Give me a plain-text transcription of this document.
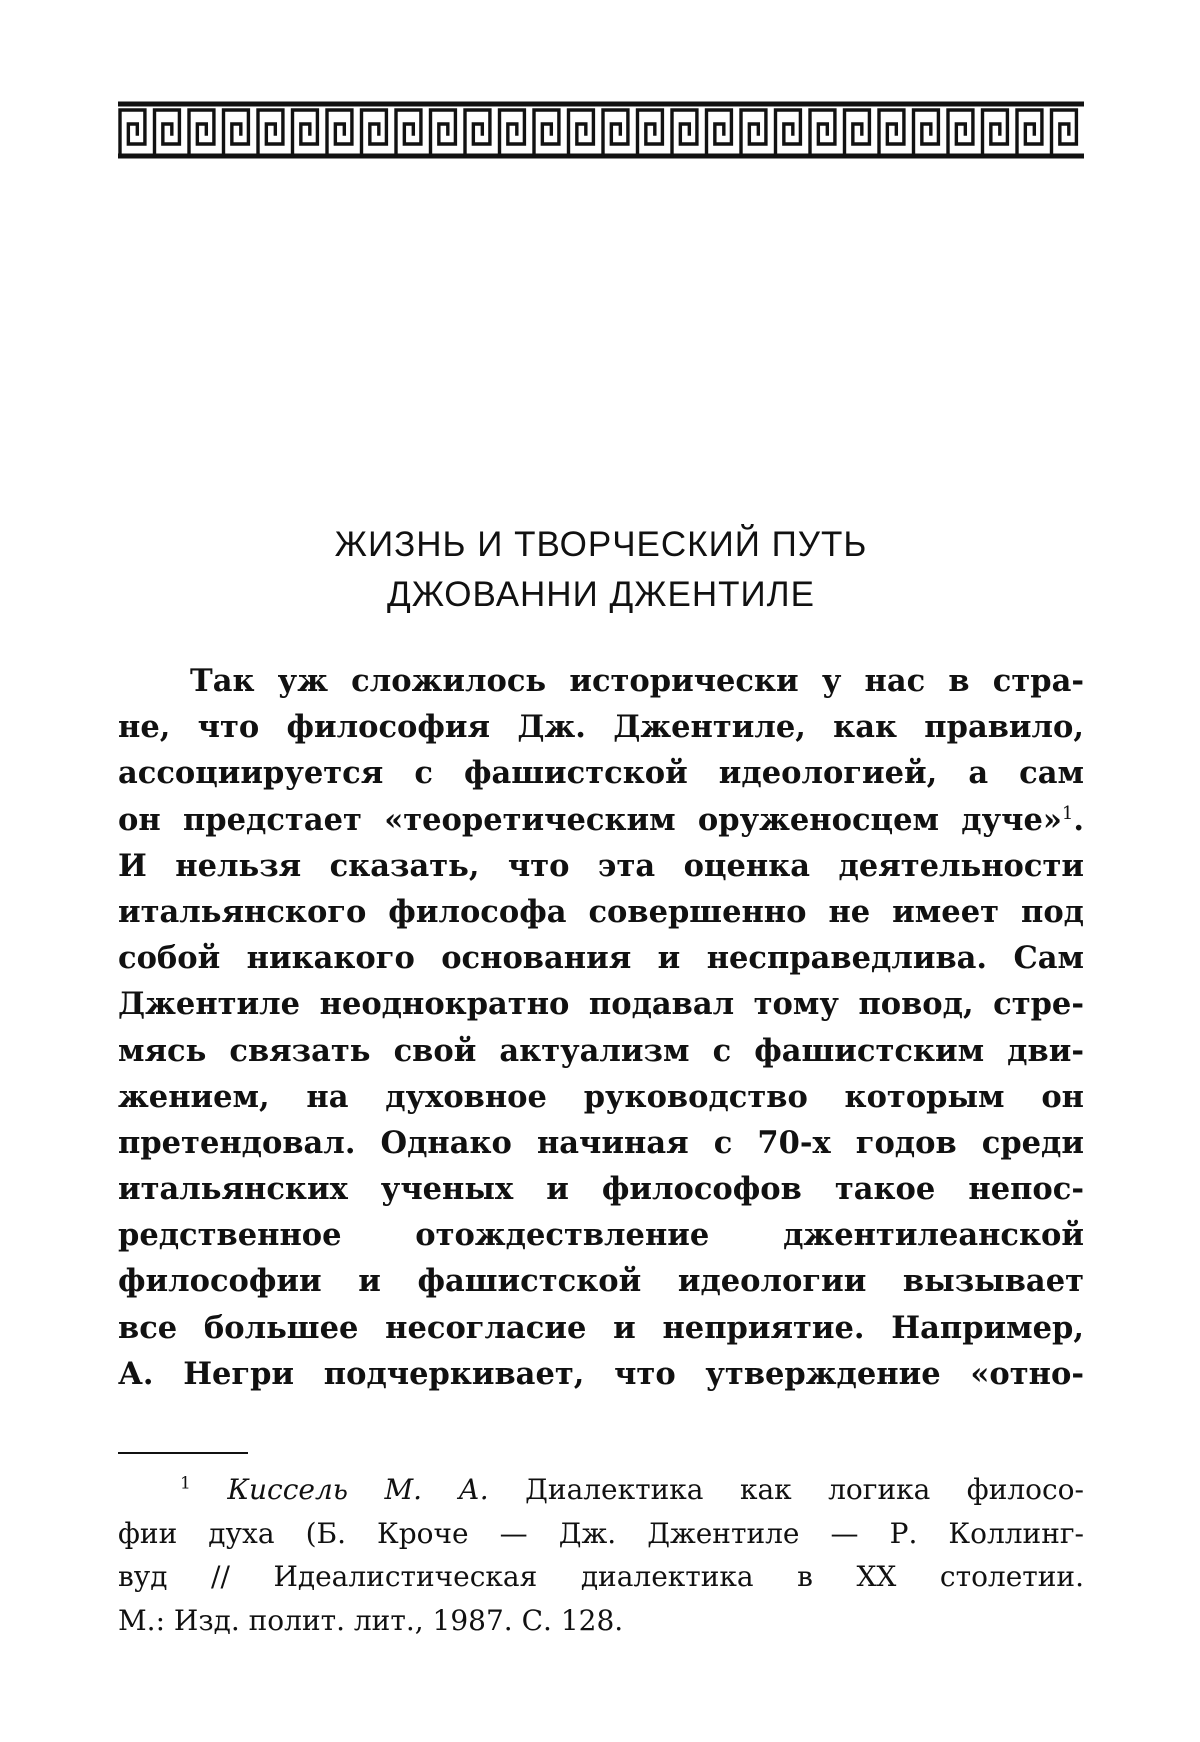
ЖИЗНЬ И ТВОРЧЕСКИЙ ПУТЬ
ДЖОВАННИ ДЖЕНТИЛЕ
Так уж сложилось исторически у нас в стра-
не, что философия Дж. Джентиле, как правило,
ассоциируется с фашистской идеологией, а сам
он предстает «теоретическим оруженосцем дуче»$^1$.
И нельзя сказать, что эта оценка деятельности
итальянского философа совершенно не имеет под
собой никакого основания и несправедлива. Сам
Джентиле неоднократно подавал тому повод, стре-
мясь связать свой актуализм с фашистским дви-
жением, на духовное руководство которым он
претендовал. Однако начиная с 70-х годов среди
итальянских ученых и философов такое непос-
редственное отождествление джентилеанской
философии и фашистской идеологии вызывает
все большее несогласие и неприятие. Например,
А. Негри подчеркивает, что утверждение «отно-
$^1$ Киссель М. А. Диалектика как логика филосо-
фии духа (Б. Кроче — Дж. Джентиле — Р. Коллинг-
вуд // Идеалистическая диалектика в XX столетии.
М.: Изд. полит. лит., 1987. С. 128.
